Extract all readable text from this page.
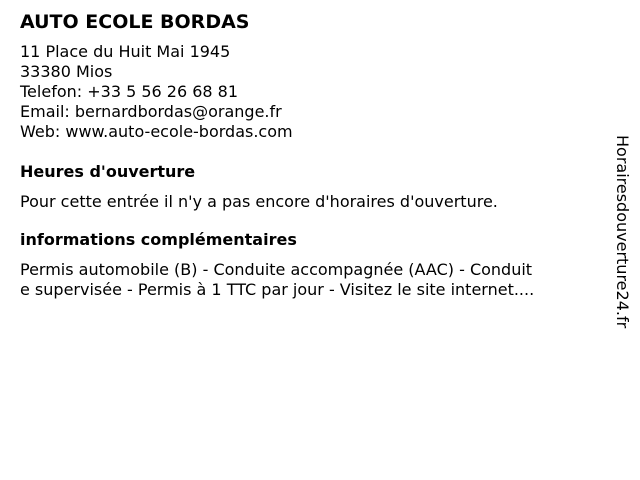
AUTO ECOLE BORDAS
11 Place du Huit Mai 1945
33380 Mios
Telefon: +33 5 56 26 68 81
Email: bernardbordas@orange.fr
Web: www.auto-ecole-bordas.com
Heures d'ouverture
Pour cette entrée il n'y a pas encore d'horaires d'ouverture.
informations complémentaires
Permis automobile (B) - Conduite accompagnée (AAC) - Conduit
e supervisée - Permis à 1 TTC par jour - Visitez le site internet....	Horairesdouverture24.fr
